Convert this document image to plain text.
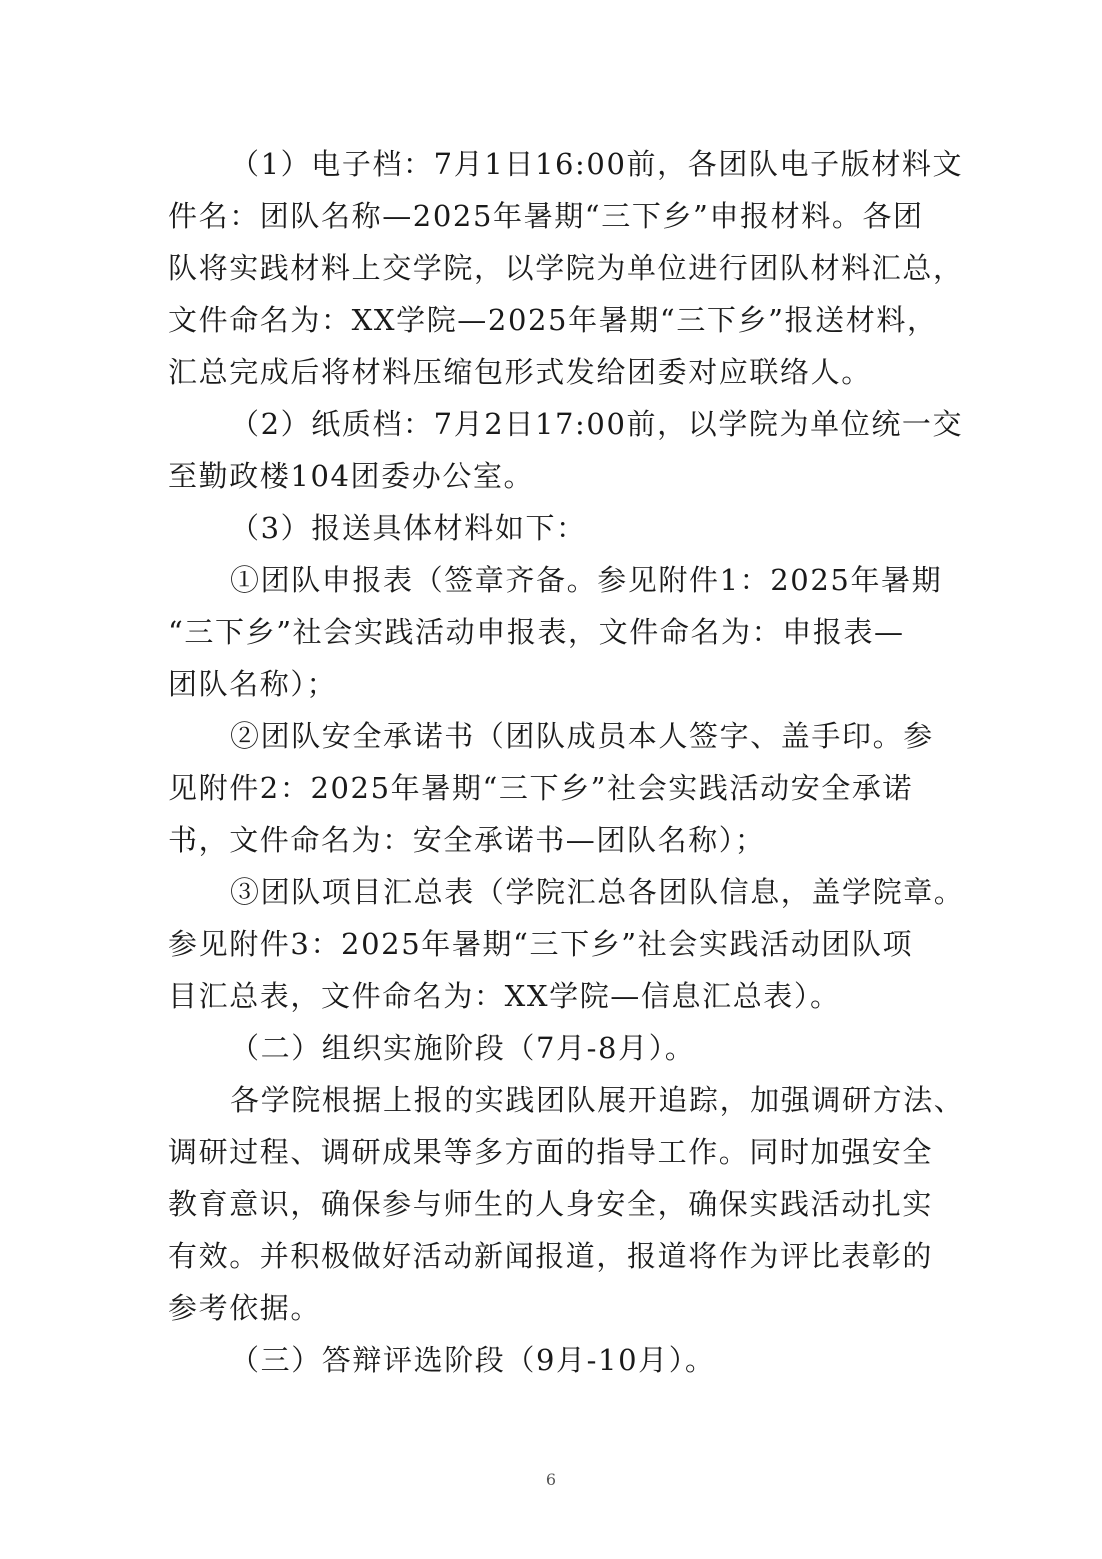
（1）电子档：7月1日16:00前，各团队电子版材料文
件名：团队名称—2025年暑期“三下乡”申报材料。各团
队将实践材料上交学院，以学院为单位进行团队材料汇总，
文件命名为：XX学院—2025年暑期“三下乡”报送材料，
汇总完成后将材料压缩包形式发给团委对应联络人。
（2）纸质档：7月2日17:00前，以学院为单位统一交
至勤政楼104团委办公室。
（3）报送具体材料如下：
①团队申报表（签章齐备。参见附件1：2025年暑期
“三下乡”社会实践活动申报表，文件命名为：申报表—
团队名称）；
②团队安全承诺书（团队成员本人签字、盖手印。参
见附件2：2025年暑期“三下乡”社会实践活动安全承诺
书，文件命名为：安全承诺书—团队名称）；
③团队项目汇总表（学院汇总各团队信息，盖学院章。
参见附件3：2025年暑期“三下乡”社会实践活动团队项
目汇总表，文件命名为：XX学院—信息汇总表）。
（二）组织实施阶段（7月-8月）。
各学院根据上报的实践团队展开追踪，加强调研方法、
调研过程、调研成果等多方面的指导工作。同时加强安全
教育意识，确保参与师生的人身安全，确保实践活动扎实
有效。并积极做好活动新闻报道，报道将作为评比表彰的
参考依据。
（三）答辩评选阶段（9月-10月）。
6
